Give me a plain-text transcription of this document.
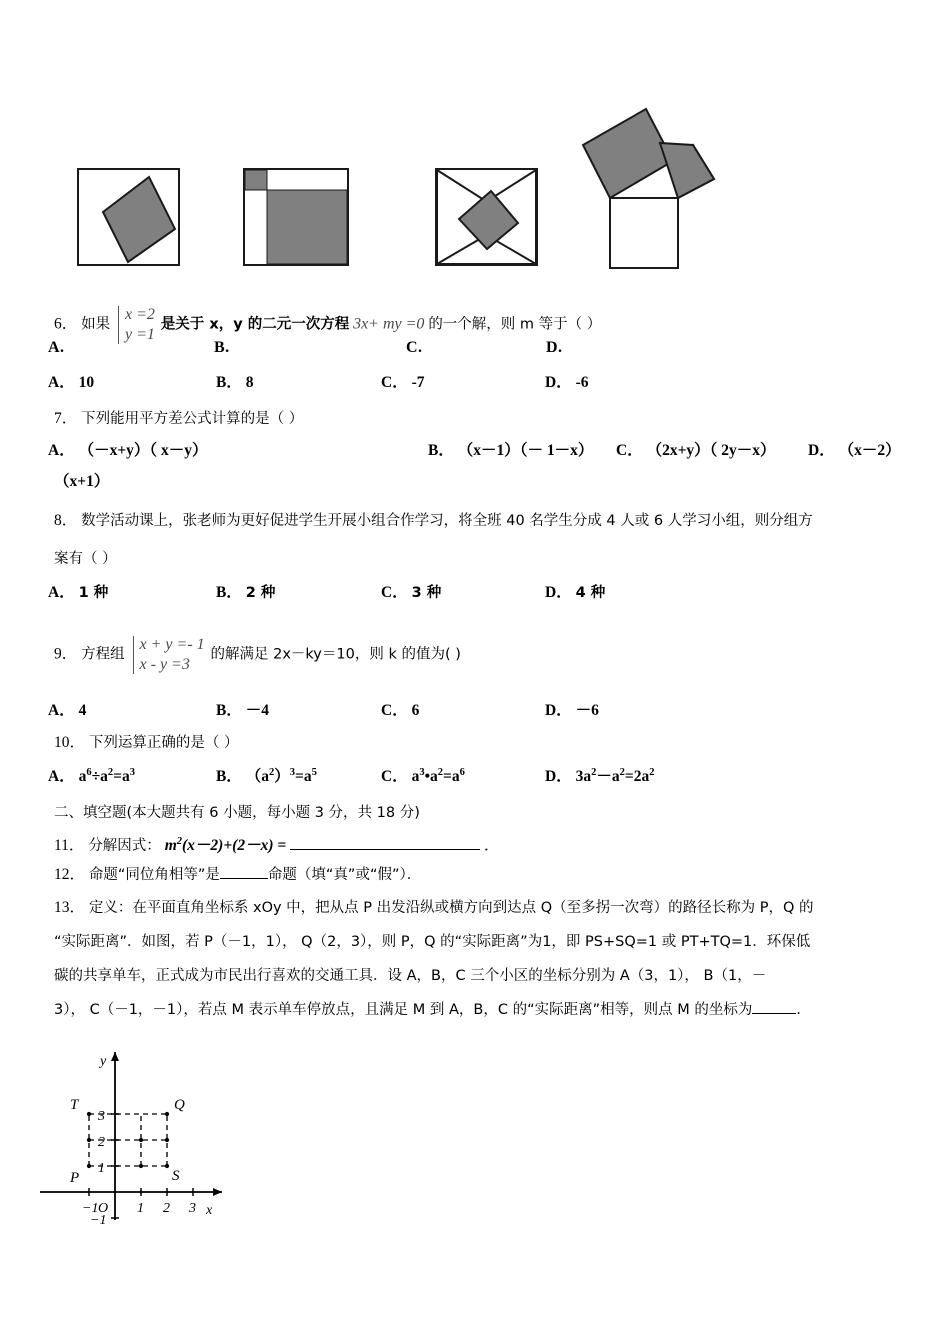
A.	B.	C.	D.
6． 如果
x =2
y =1
是关于 x，y 的二元一次方程 3x+ my =0 的一个解，则 m 等于（ ）
A． 10	B． 8	C． -7	D． -6
7． 下列能用平方差公式计算的是（ ）
A． （－x+y）（ x－y）	B． （x－1）（－ 1－x） C． （2x+y）（ 2y－x） D． （x－2）
（x+1）
8． 数学活动课上，张老师为更好促进学生开展小组合作学习，将全班 40 名学生分成 4 人或 6 人学习小组，则分组方
案有（ ）
A． 1 种	B． 2 种	C． 3 种	D． 4 种
9． 方程组
x + y =- 1
x - y =3
的解满足 2x－ky＝10，则 k 的值为( )
A． 4	B． －4	C． 6	D． －6
10． 下列运算正确的是（ ）
A． $a^6\div a^2=a^3$	B． $(a^2)^3=a^5$	C． $a^3•a^2=a^6$	D． $3a^2-a^2=2a^2$
二、填空题(本大题共有 6 小题，每小题 3 分，共 18 分)
11． 分解因式： $m^2(x-2)+(2-x)$ =	．
12． 命题“同位角相等”是	命题（填“真”或“假”）．
13． 定义：在平面直角坐标系 xOy 中，把从点 P 出发沿纵或横方向到达点 Q（至多拐一次弯）的路径长称为 P，Q 的
“实际距离”．如图，若 P（－1，1）， Q（2，3），则 P，Q 的“实际距离”为1，即 PS+SQ=1 或 PT+TQ=1．环保低
碳的共享单车，正式成为市民出行喜欢的交通工具．设 A，B，C 三个小区的坐标分别为 A（3，1）， B（1，－
3）， C（－1，－1），若点 M 表示单车停放点，且满足 M 到 A，B，C 的“实际距离”相等，则点 M 的坐标为	．
−1	1 2 3
3
2
1
−1
O	x
y
T
P
Q
S
